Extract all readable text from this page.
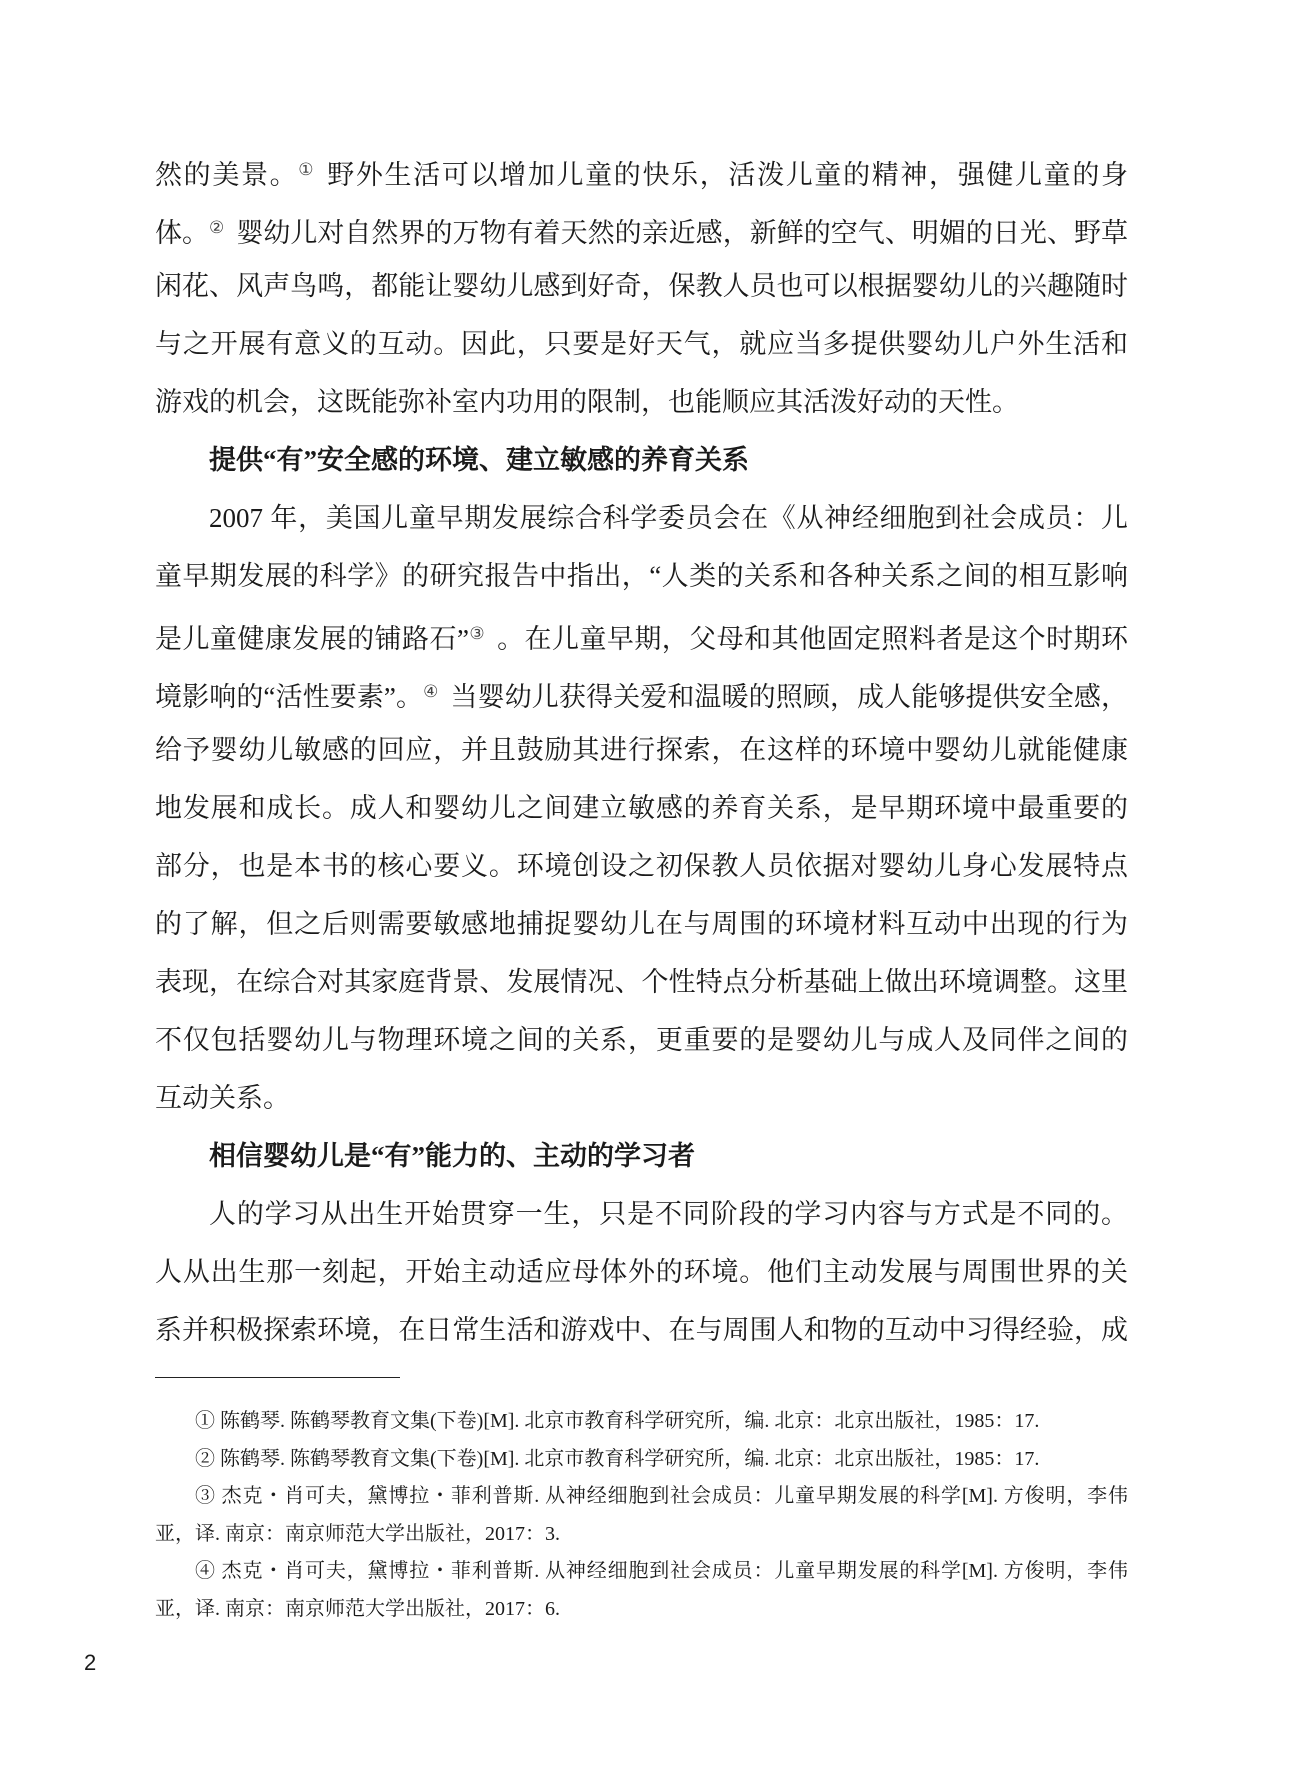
然的美景。① 野外生活可以增加儿童的快乐，活泼儿童的精神，强健儿童的身
体。② 婴幼儿对自然界的万物有着天然的亲近感，新鲜的空气、明媚的日光、野草
闲花、风声鸟鸣，都能让婴幼儿感到好奇，保教人员也可以根据婴幼儿的兴趣随时
与之开展有意义的互动。因此，只要是好天气，就应当多提供婴幼儿户外生活和
游戏的机会，这既能弥补室内功用的限制，也能顺应其活泼好动的天性。
提供“有”安全感的环境、建立敏感的养育关系
2007 年，美国儿童早期发展综合科学委员会在《从神经细胞到社会成员：儿
童早期发展的科学》的研究报告中指出，“人类的关系和各种关系之间的相互影响
是儿童健康发展的铺路石”③ 。在儿童早期，父母和其他固定照料者是这个时期环
境影响的“活性要素”。④ 当婴幼儿获得关爱和温暖的照顾，成人能够提供安全感，
给予婴幼儿敏感的回应，并且鼓励其进行探索，在这样的环境中婴幼儿就能健康
地发展和成长。成人和婴幼儿之间建立敏感的养育关系，是早期环境中最重要的
部分，也是本书的核心要义。环境创设之初保教人员依据对婴幼儿身心发展特点
的了解，但之后则需要敏感地捕捉婴幼儿在与周围的环境材料互动中出现的行为
表现，在综合对其家庭背景、发展情况、个性特点分析基础上做出环境调整。这里
不仅包括婴幼儿与物理环境之间的关系，更重要的是婴幼儿与成人及同伴之间的
互动关系。
相信婴幼儿是“有”能力的、主动的学习者
人的学习从出生开始贯穿一生，只是不同阶段的学习内容与方式是不同的。
人从出生那一刻起，开始主动适应母体外的环境。他们主动发展与周围世界的关
系并积极探索环境，在日常生活和游戏中、在与周围人和物的互动中习得经验，成
① 陈鹤琴. 陈鹤琴教育文集(下卷)[M]. 北京市教育科学研究所，编. 北京：北京出版社，1985：17.
② 陈鹤琴. 陈鹤琴教育文集(下卷)[M]. 北京市教育科学研究所，编. 北京：北京出版社，1985：17.
③ 杰克・肖可夫，黛博拉・菲利普斯. 从神经细胞到社会成员：儿童早期发展的科学[M]. 方俊明，李伟
亚，译. 南京：南京师范大学出版社，2017：3.
④ 杰克・肖可夫，黛博拉・菲利普斯. 从神经细胞到社会成员：儿童早期发展的科学[M]. 方俊明，李伟
亚，译. 南京：南京师范大学出版社，2017：6.
2
